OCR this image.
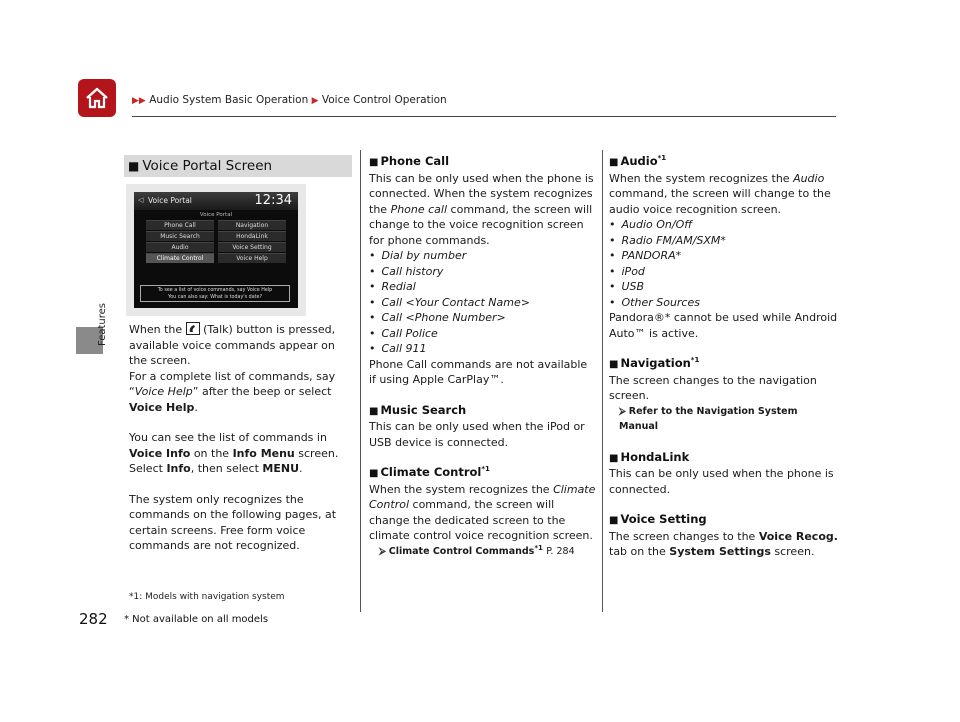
▶▶ Audio System Basic Operation ▶ Voice Control Operation
Features
282 * Not available on all models
■ Voice Portal Screen
◁ Voice Portal	12:34
Voice Portal
Phone Call	Navigation
Music Search	HondaLink
Audio	Voice Setting
Climate Control	Voice Help
To see a list of voice commands, say Voice Help
You can also say: What is today's date?

When the (Talk) button is pressed, available voice commands appear on the screen.

For a complete list of commands, say “Voice Help” after the beep or select Voice Help.

You can see the list of commands in Voice Info on the Info Menu screen. Select Info, then select MENU.

The system only recognizes the commands on the following pages, at certain screens. Free form voice commands are not recognized.

*1: Models with navigation system
■ Phone Call

This can be only used when the phone is connected. When the system recognizes the Phone call command, the screen will change to the voice recognition screen for phone commands.

• Dial by number
• Call history
• Redial
• Call <Your Contact Name>
• Call <Phone Number>
• Call Police
• Call 911

Phone Call commands are not available if using Apple CarPlay™.

■ Music Search

This can be only used when the iPod or USB device is connected.

■ Climate Control$^{*1}$

When the system recognizes the Climate Control command, the screen will change the dedicated screen to the climate control voice recognition screen.

⮚ Climate Control Commands$^{*1}$ P. 284
■ Audio$^{*1}$

When the system recognizes the Audio command, the screen will change to the audio voice recognition screen.

• Audio On/Off
• Radio FM/AM/SXM*
• PANDORA*
• iPod
• USB
• Other Sources

Pandora®* cannot be used while Android Auto™ is active.

■ Navigation$^{*1}$

The screen changes to the navigation screen.

⮚ Refer to the Navigation System Manual
■ HondaLink

This can be only used when the phone is connected.

■ Voice Setting

The screen changes to the Voice Recog. tab on the System Settings screen.
